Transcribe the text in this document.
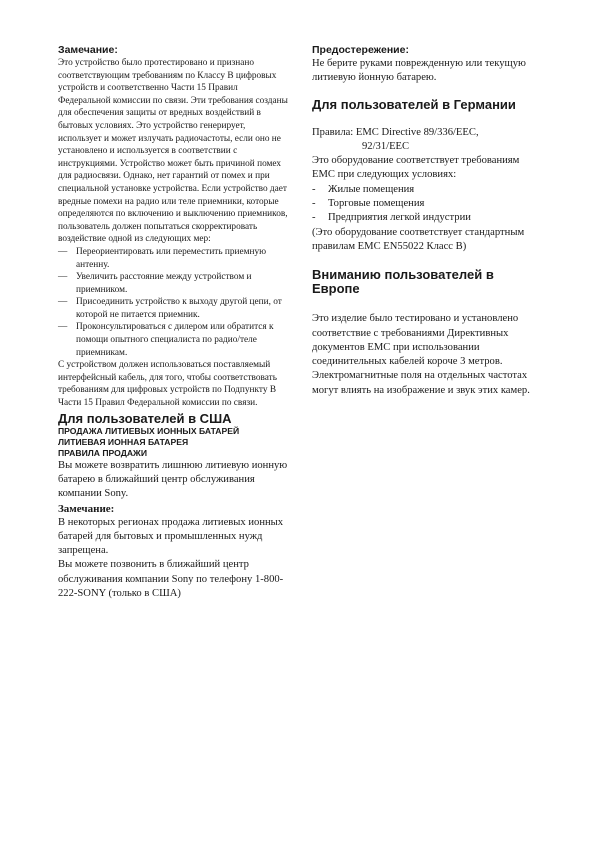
Замечание:

Это устройство было протестировано и признано соответствующим требованиям по Классу B цифровых устройств и соответственно Части 15 Правил Федеральной комиссии по связи. Эти требования созданы для обеспечения защиты от вредных воздействий в бытовых условиях. Это устройство генерирует, использует и может излучать радиочастоты, если оно не установлено и используется в соответствии с инструкциями. Устройство может быть причиной помех для радиосвязи. Однако, нет гарантий от помех и при специальной установке устройства. Если устройство дает вредные помехи на радио или теле приемники, которые определяются по включению и выключению приемников, пользователь должен попытаться скорректировать воздействие одной из следующих мер:

— Переориентировать или переместить приемную антенну.
— Увеличить расстояние между устройством и приемником.
— Присоединить устройство к выходу другой цепи, от которой не питается приемник.
— Проконсультироваться с дилером или обратится к помощи опытного специалиста по радио/теле приемникам.

С устройством должен использоваться поставляемый интерфейсный кабель, для того, чтобы соответствовать требованиям для цифровых устройств по Подпункту B Части 15 Правил Федеральной комиссии по связи.

Для пользователей в США

ПРОДАЖА ЛИТИЕВЫХ ИОННЫХ БАТАРЕЙ

ЛИТИЕВАЯ ИОННАЯ БАТАРЕЯ

ПРАВИЛА ПРОДАЖИ

Вы можете возвратить лишнюю литиевую ионную батарею в ближайший центр обслуживания компании Sony.

Замечание:

В некоторых регионах продажа литиевых ионных батарей для бытовых и промышленных нужд запрещена.

Вы можете позвонить в ближайший центр обслуживания компании Sony по телефону 1-800-222-SONY (только в США)

Предостережение:

Не берите руками поврежденную или текущую литиевую йонную батарею.

Для пользователей в Германии

Правила: EMC Directive 89/336/EEC,

92/31/EEC

Это оборудование соответствует требованиям EMC при следующих условиях:

-	Жилые помещения
-	Торговые помещения
-	Предприятия легкой индустрии

(Это оборудование соответствует стандартным правилам EMC EN55022 Класс B)

Вниманию пользователей в Европе

Это изделие было тестировано и установлено соответствие с требованиями Директивных документов EMC при использовании соединительных кабелей короче 3 метров.

Электромагнитные поля на отдельных частотах могут влиять на изображение и звук этих камер.
